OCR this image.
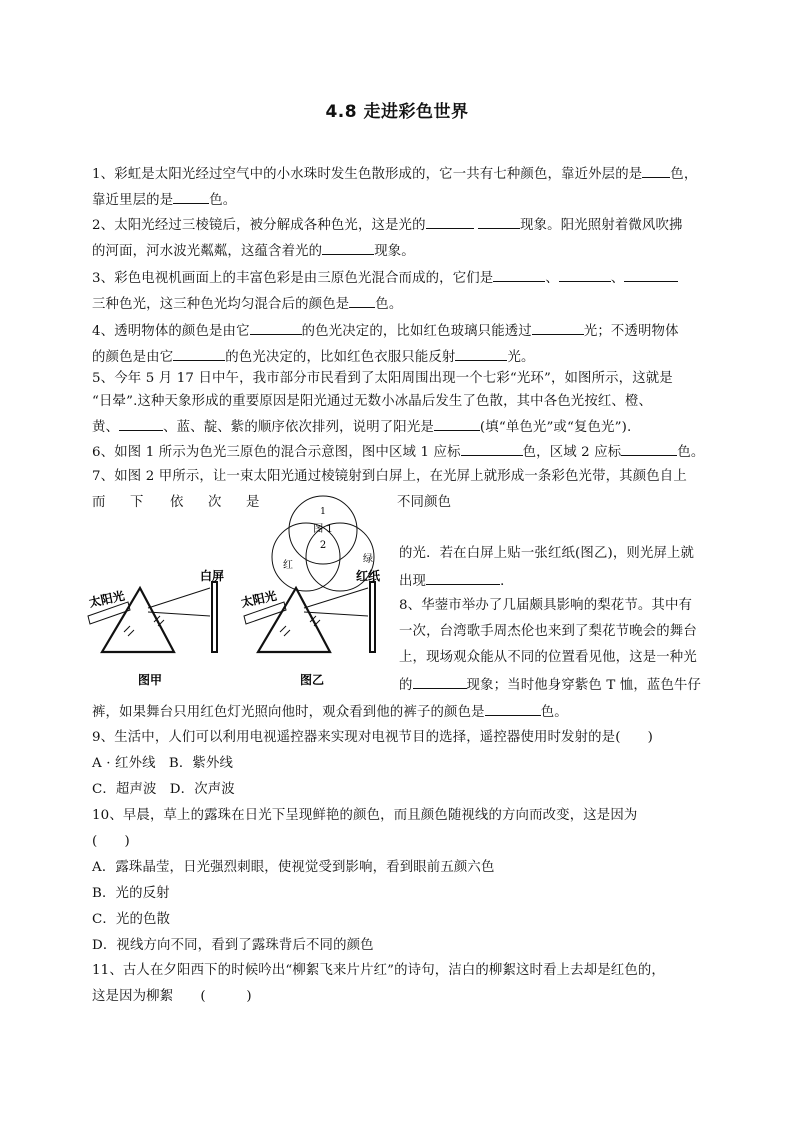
4.8 走进彩色世界
1、彩虹是太阳光经过空气中的小水珠时发生色散形成的，它一共有七种颜色，靠近外层的是 色，
靠近里层的是	色。
2、太阳光经过三棱镜后，被分解成各种色光，这是光的	现象。阳光照射着微风吹拂
的河面，河水波光粼粼，这蕴含着光的	现象。
3、彩色电视机画面上的丰富色彩是由三原色光混合而成的，它们是	、	、
三种色光，这三种色光均匀混合后的颜色是 色。
4、透明物体的颜色是由它	的色光决定的，比如红色玻璃只能透过	光；不透明物体
的颜色是由它	的色光决定的，比如红色衣服只能反射	光。
5、今年 5 月 17 日中午，我市部分市民看到了太阳周围出现一个七彩“光环”，如图所示，这就是
“日晕”.这种天象形成的重要原因是阳光通过无数小冰晶后发生了色散，其中各色光按红、橙、
黄、	、蓝、靛、紫的顺序依次排列，说明了阳光是	(填“单色光”或“复色光”).
6、如图 1 所示为色光三原色的混合示意图，图中区域 1 应标	色，区域 2 应标	色。
7、如图 2 甲所示，让一束太阳光通过棱镜射到白屏上，在光屏上就形成一条彩色光带，其颜色自上
而 下 依 次 是	不同颜色
的光．若在白屏上贴一张红纸(图乙)，则光屏上就
出现	．
1
图 1
2
红
绿
太阳光
白屏
图甲
太阳光
红纸
图乙
8、华蓥市举办了几届颇具影响的梨花节。其中有
一次，台湾歌手周杰伦也来到了梨花节晚会的舞台
上，现场观众能从不同的位置看见他，这是一种光
的	现象；当时他身穿紫色 T 恤，蓝色牛仔
裤，如果舞台只用红色灯光照向他时，观众看到他的裤子的颜色是	色。
9、生活中，人们可以利用电视遥控器来实现对电视节目的选择，遥控器使用时发射的是(　　)
A · 红外线 B．紫外线
C．超声波 D．次声波
10、早晨，草上的露珠在日光下呈现鲜艳的颜色，而且颜色随视线的方向而改变，这是因为
(　　)
A．露珠晶莹，日光强烈刺眼，使视觉受到影响，看到眼前五颜六色
B．光的反射
C．光的色散
D．视线方向不同，看到了露珠背后不同的颜色
11、古人在夕阳西下的时候吟出“柳絮飞来片片红”的诗句，洁白的柳絮这时看上去却是红色的，
这是因为柳絮　　(　　　)
